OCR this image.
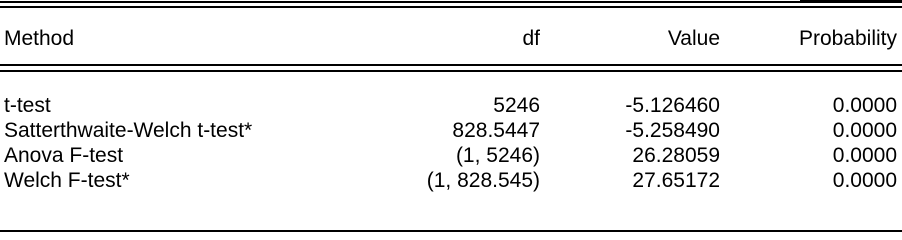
Method	df	Value	Probability
t-test	5246	-5.126460	0.0000
Satterthwaite-Welch t-test*	828.5447	-5.258490	0.0000
Anova F-test	(1, 5246)	26.28059	0.0000
Welch F-test*	(1, 828.545)	27.65172	0.0000
